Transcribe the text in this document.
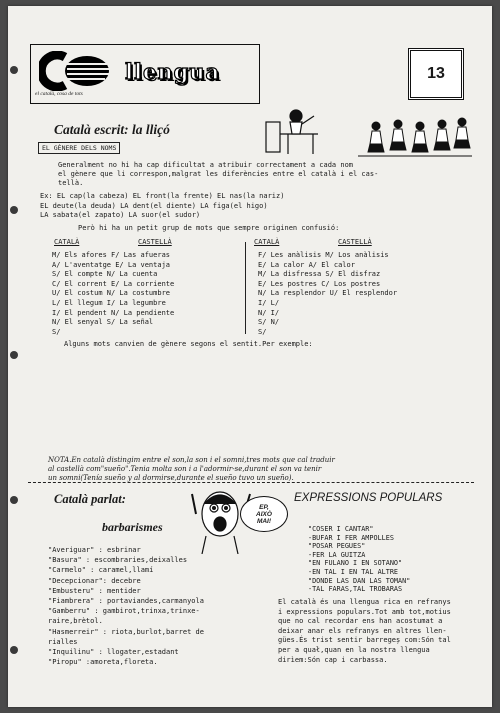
el català, cosa de tots
llengua	13
Català escrit: la lliçó
EL GÈNERE DELS NOMS
Generalment no hi ha cap dificultat a atribuir correctament a cada nom
el gènere que li correspon,malgrat les diferències entre el català i el cas-
tellà.
Ex: EL cap(la cabeza) EL front(la frente) EL nas(la nariz)
EL deute(la deuda) LA dent(el diente) LA figa(el higo)
LA sabata(el zapato) LA suor(el sudor)
Però hi ha un petit grup de mots que sempre originen confusió:
CATALÀ	CASTELLÀ
M/ Els afores F/ Las afueras
A/ L'aventatge E/ La ventaja
S/ El compte N/ La cuenta
C/ El corrent E/ La corriente
U/ El costum N/ La costumbre
L/ El llegum I/ La legumbre
I/ El pendent N/ La pendiente
N/ El senyal S/ La señal
S/
CATALÀ	CASTELLÀ
F/ Les anàlisis M/ Los anàlisis
E/ La calor A/ El calor
M/ La disfressa S/ El disfraz
E/ Les postres C/ Los postres
N/ La resplendor U/ El resplendor
I/ L/
N/ I/
S/ N/
S/
Alguns mots canvien de gènere segons el sentit.Per exemple:
NOTA.En català distingim entre el son,la son i el somni,tres mots que cal traduir
al castellà com"sueño".Tenia molta son i a l'adormir-se,durant el son va tenir
un somni(Tenía sueño y al dormirse,durante el sueño tuvo un sueño).
Català parlat:
barbarismes
EP,
AIXÒ
MAI!
"Averiguar" : esbrinar
"Basura" : escombraries,deixalles
"Carmelo" : caramel,llamí
"Decepcionar": decebre
"Embusteru" : mentider
"Fiambrera" : portaviandes,carmanyola
"Gamberru" : gambirot,trinxa,trinxe-
raire,brètol.
"Hasmerreir" : riota,burlot,barret de
rialles
"Inquilinu" : llogater,estadant
"Piropu" :amoreta,floreta.
EXPRESSIONS POPULARS
"COSER I CANTAR"
-BUFAR I FER AMPOLLES
"POSAR PEGUES"
-FER LA GUITZA
"EN FULANO I EN SOTANO"
-EN TAL I EN TAL ALTRE
"DONDE LAS DAN LAS TOMAN"
-TAL FARAS,TAL TROBARAS
El català és una llengua rica en refranys
i expressions populars.Tot amb tot,motius
que no cal recordar ens han acostumat a
deixar anar els refranys en altres llen-
gües.És trist sentir barregeș com:Són tal
per a quał,quan en la nostra llengua
dirìem:Són cap i carbassa.
